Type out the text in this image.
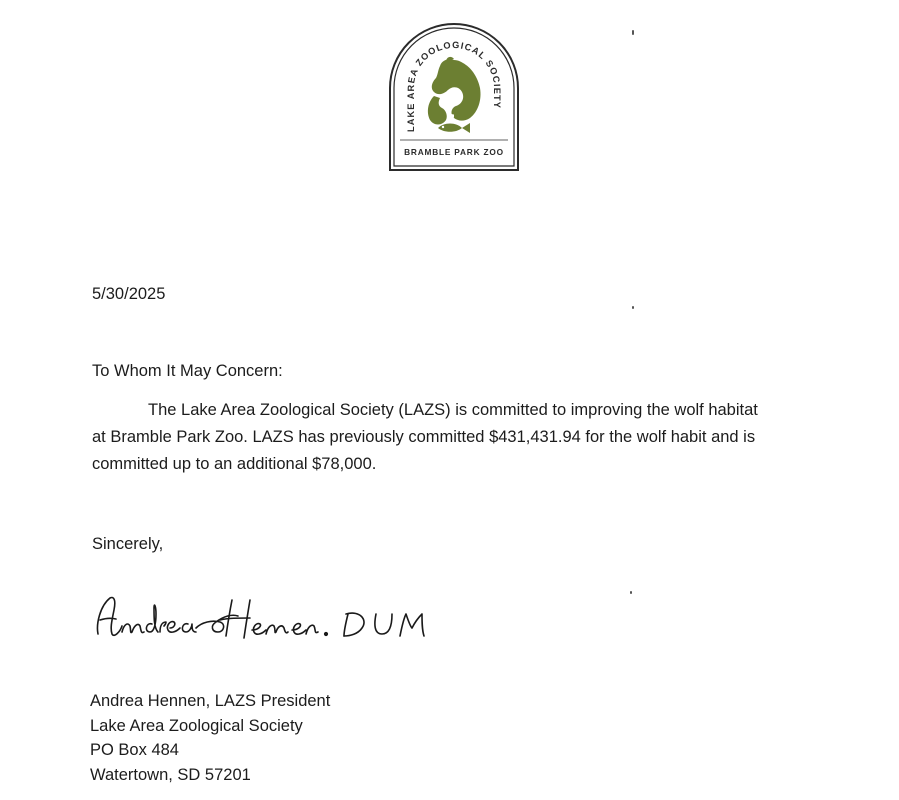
LAKE AREA ZOOLOGICAL SOCIETY
BRAMBLE PARK ZOO
5/30/2025
To Whom It May Concern:
The Lake Area Zoological Society (LAZS) is committed to improving the wolf habitat
at Bramble Park Zoo. LAZS has previously committed $431,431.94 for the wolf habit and is
committed up to an additional $78,000.
Sincerely,
Andrea Hennen, LAZS President
Lake Area Zoological Society
PO Box 484
Watertown, SD 57201
